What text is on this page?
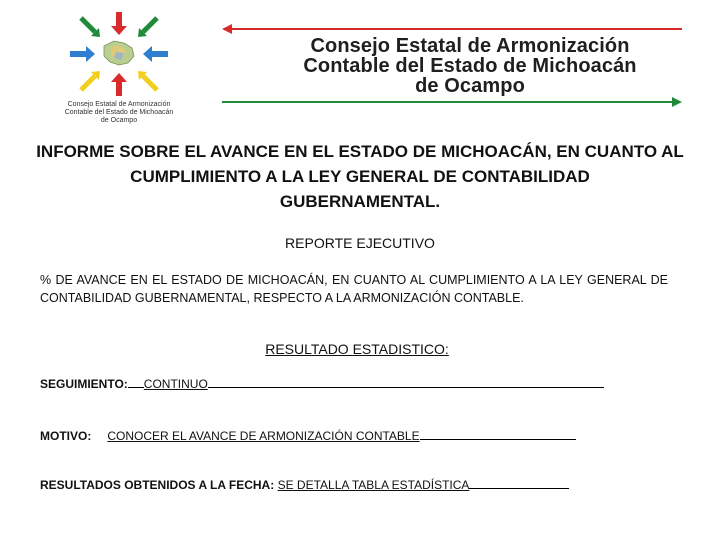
Consejo Estatal de Armonización
Contable del Estado de Michoacán
de Ocampo
Consejo Estatal de Armonización
Contable del Estado de Michoacán
de Ocampo
INFORME SOBRE EL AVANCE EN EL ESTADO DE MICHOACÁN, EN CUANTO AL
CUMPLIMIENTO A LA LEY GENERAL DE CONTABILIDAD
GUBERNAMENTAL.
REPORTE EJECUTIVO
% DE AVANCE EN EL ESTADO DE MICHOACÁN, EN CUANTO AL CUMPLIMIENTO A LA LEY GENERAL DE CONTABILIDAD GUBERNAMENTAL, RESPECTO A LA ARMONIZACIÓN CONTABLE.
RESULTADO ESTADISTICO:
SEGUIMIENTO: CONTINUO
MOTIVO: CONOCER EL AVANCE DE ARMONIZACIÓN CONTABLE
RESULTADOS OBTENIDOS A LA FECHA: SE DETALLA TABLA ESTADÍSTICA
